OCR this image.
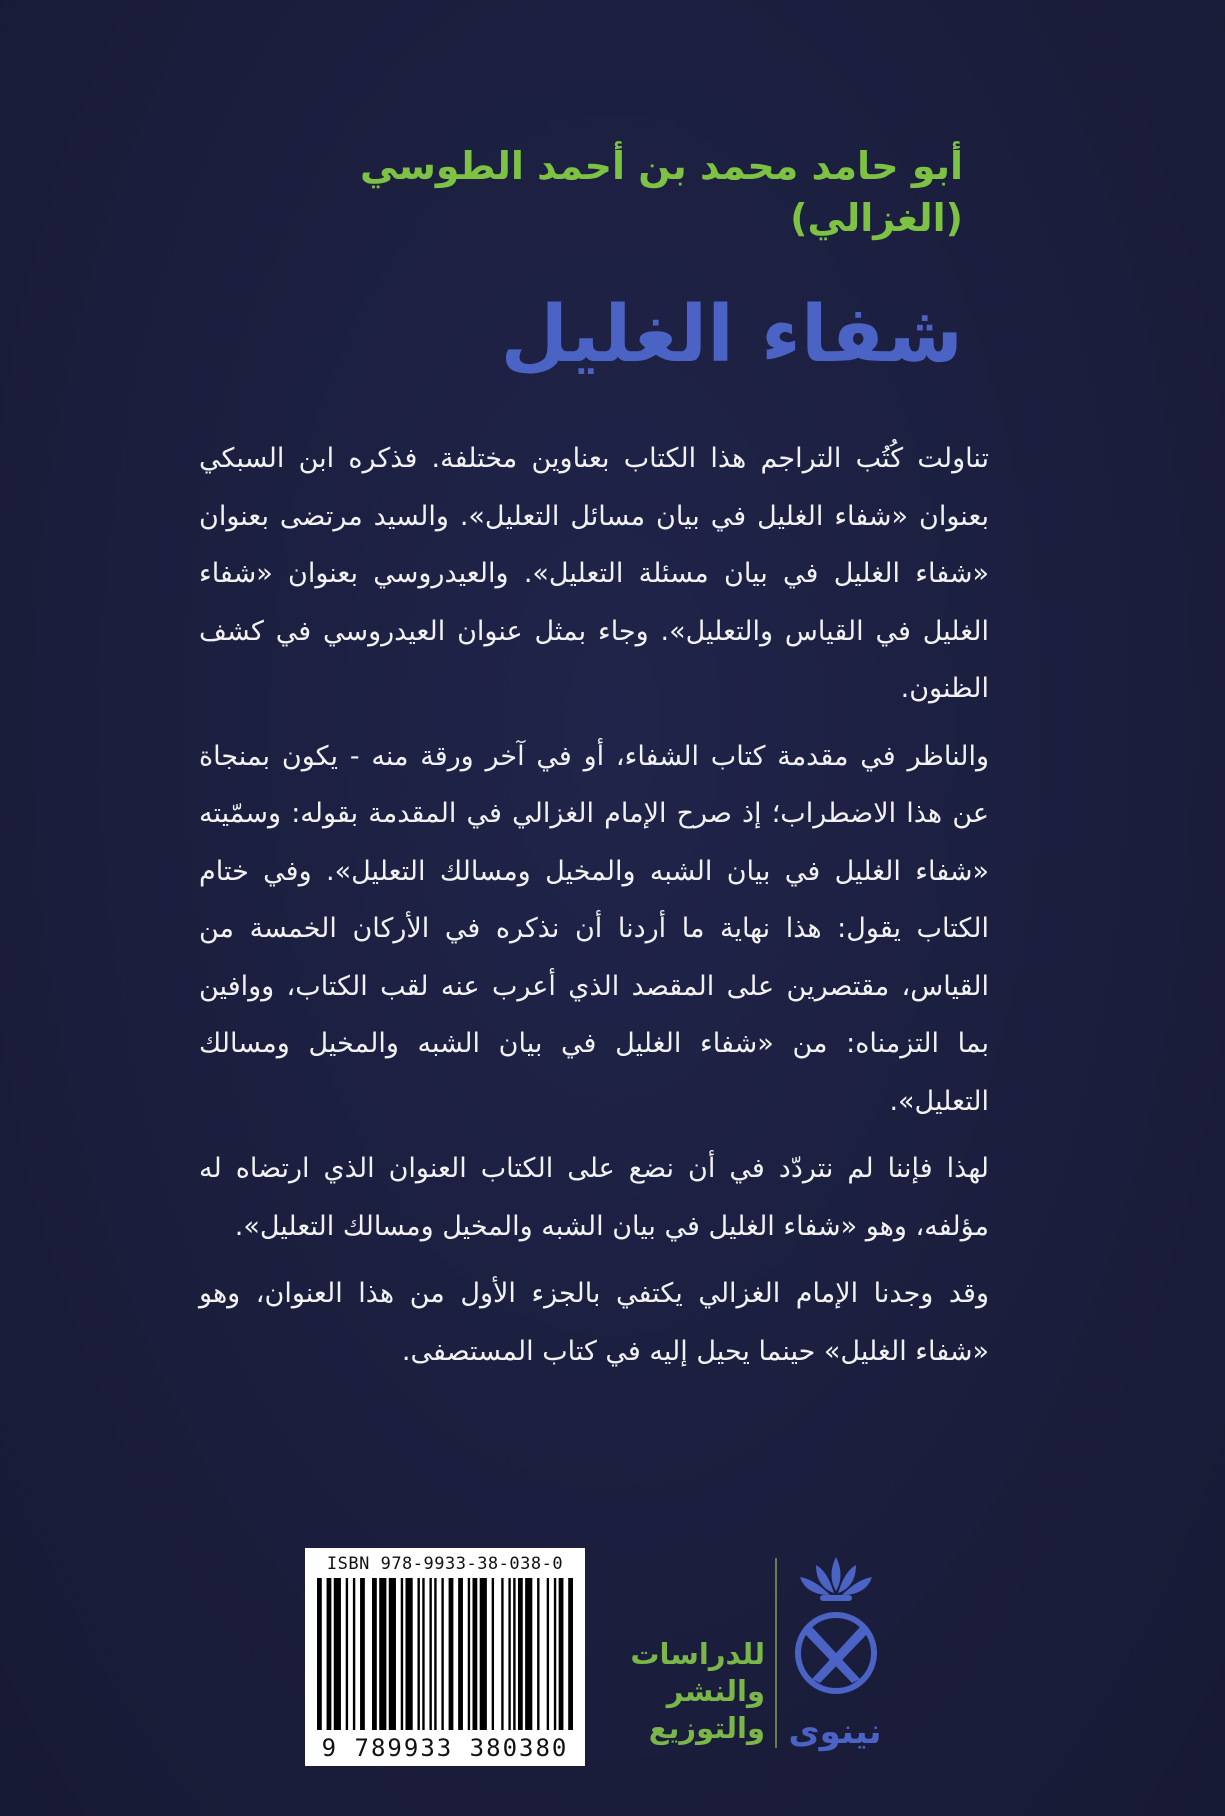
أبو حامد محمد بن أحمد الطوسي
(الغزالي)
شفاء الغليل

تناولت كُتُب التراجم هذا الكتاب بعناوين مختلفة. فذكره ابن السبكي بعنوان «شفاء الغليل في بيان مسائل التعليل». والسيد مرتضى بعنوان «شفاء الغليل في بيان مسئلة التعليل». والعيدروسي بعنوان «شفاء الغليل في القياس والتعليل». وجاء بمثل عنوان العيدروسي في كشف الظنون.

والناظر في مقدمة كتاب الشفاء، أو في آخر ورقة منه - يكون بمنجاة عن هذا الاضطراب؛ إذ صرح الإمام الغزالي في المقدمة بقوله: وسمّيته «شفاء الغليل في بيان الشبه والمخيل ومسالك التعليل». وفي ختام الكتاب يقول: هذا نهاية ما أردنا أن نذكره في الأركان الخمسة من القياس، مقتصرين على المقصد الذي أعرب عنه لقب الكتاب، ووافين بما التزمناه: من «شفاء الغليل في بيان الشبه والمخيل ومسالك التعليل».

لهذا فإننا لم نتردّد في أن نضع على الكتاب العنوان الذي ارتضاه له مؤلفه، وهو «شفاء الغليل في بيان الشبه والمخيل ومسالك التعليل».

وقد وجدنا الإمام الغزالي يكتفي بالجزء الأول من هذا العنوان، وهو «شفاء الغليل» حينما يحيل إليه في كتاب المستصفى.

ISBN 978-9933-38-038-0
9 789933 380380
للدراسات
والنشر
والتوزيع نينوى
